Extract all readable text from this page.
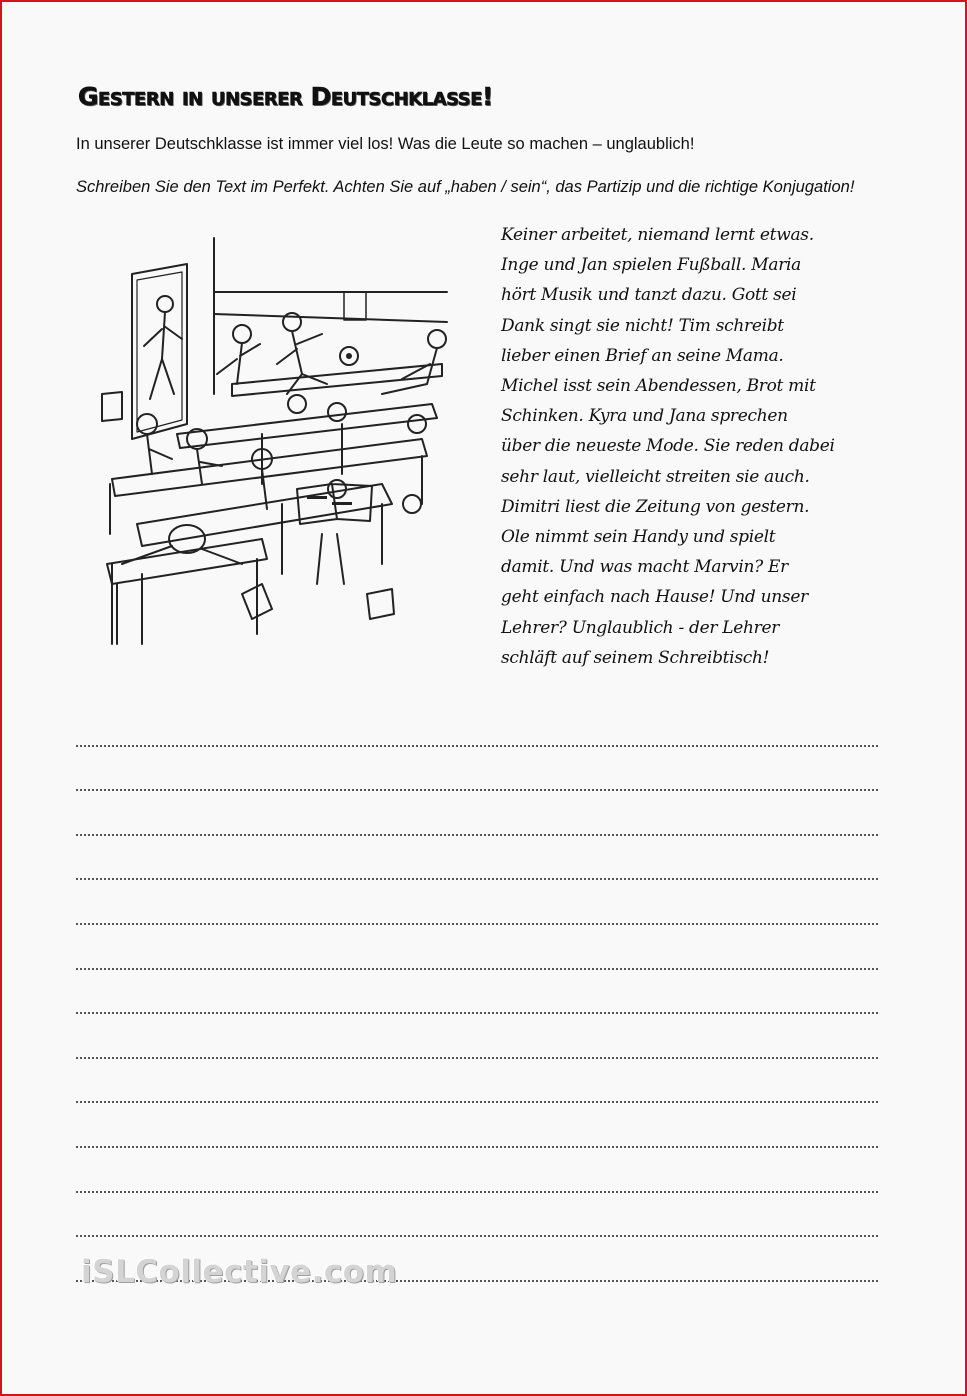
Gestern in unserer Deutschklasse!
In unserer Deutschklasse ist immer viel los! Was die Leute so machen – unglaublich!
Schreiben Sie den Text im Perfekt. Achten Sie auf „haben / sein“, das Partizip und die richtige Konjugation!
Keiner arbeitet, niemand lernt etwas.
Inge und Jan spielen Fußball. Maria
hört Musik und tanzt dazu. Gott sei
Dank singt sie nicht! Tim schreibt
lieber einen Brief an seine Mama.
Michel isst sein Abendessen, Brot mit
Schinken. Kyra und Jana sprechen
über die neueste Mode. Sie reden dabei
sehr laut, vielleicht streiten sie auch.
Dimitri liest die Zeitung von gestern.
Ole nimmt sein Handy und spielt
damit. Und was macht Marvin? Er
geht einfach nach Hause! Und unser
Lehrer? Unglaublich - der Lehrer
schläft auf seinem Schreibtisch!
iSLCollective.com
